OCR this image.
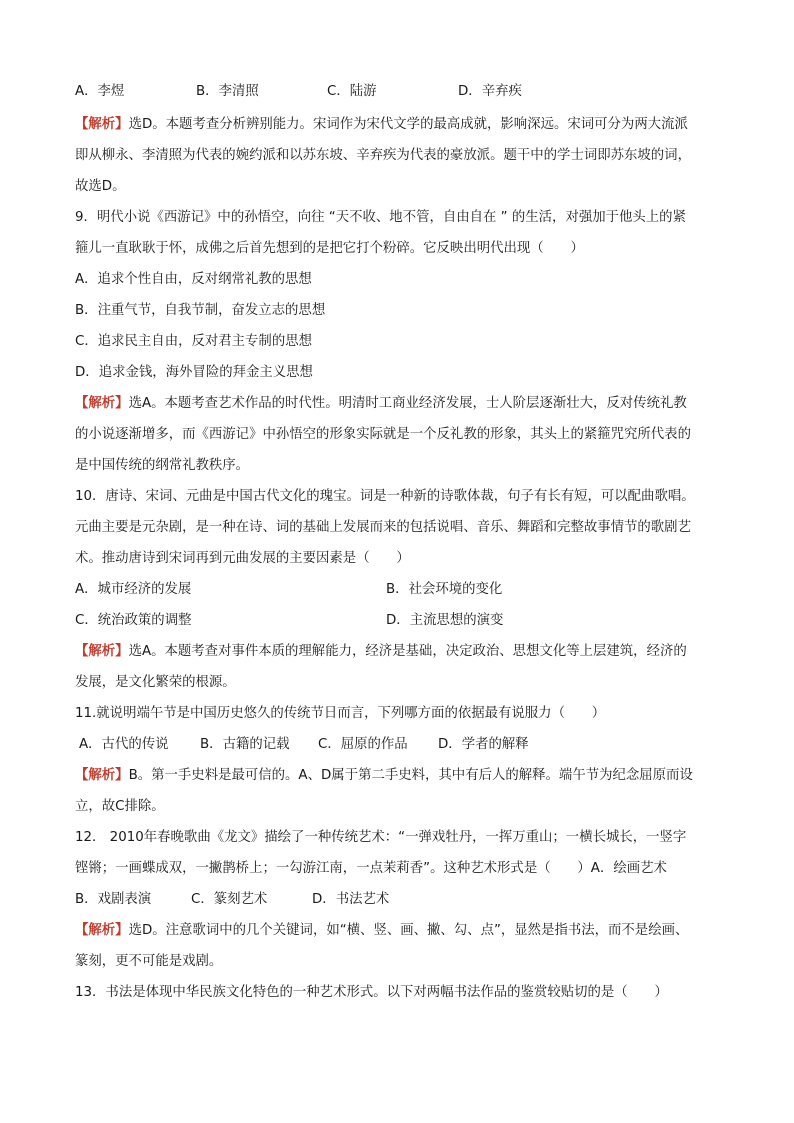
A．李煜	B．李清照	C．陆游	D．辛弃疾
【解析】选D。本题考查分析辨别能力。宋词作为宋代文学的最高成就，影响深远。宋词可分为两大流派
即从柳永、李清照为代表的婉约派和以苏东坡、辛弃疾为代表的豪放派。题干中的学士词即苏东坡的词，
故选D。
9．明代小说《西游记》中的孙悟空，向往 “天不收、地不管，自由自在 ” 的生活，对强加于他头上的紧
箍儿一直耿耿于怀，成佛之后首先想到的是把它打个粉碎。它反映出明代出现（　　）
A．追求个性自由，反对纲常礼教的思想
B．注重气节，自我节制，奋发立志的思想
C．追求民主自由，反对君主专制的思想
D．追求金钱，海外冒险的拜金主义思想
【解析】选A。本题考查艺术作品的时代性。明清时工商业经济发展，士人阶层逐渐壮大，反对传统礼教
的小说逐渐增多，而《西游记》中孙悟空的形象实际就是一个反礼教的形象，其头上的紧箍咒究所代表的
是中国传统的纲常礼教秩序。
10．唐诗、宋词、元曲是中国古代文化的瑰宝。词是一种新的诗歌体裁，句子有长有短，可以配曲歌唱。
元曲主要是元杂剧，是一种在诗、词的基础上发展而来的包括说唱、音乐、舞蹈和完整故事情节的歌剧艺
术。推动唐诗到宋词再到元曲发展的主要因素是（　　）
A．城市经济的发展	B．社会环境的变化
C．统治政策的调整	D．主流思想的演变
【解析】选A。本题考查对事件本质的理解能力，经济是基础，决定政治、思想文化等上层建筑，经济的
发展，是文化繁荣的根源。
11.就说明端午节是中国历史悠久的传统节日而言，下列哪方面的依据最有说服力（　　）
A．古代的传说 B．古籍的记载 C．屈原的作品 D．学者的解释
【解析】B。第一手史料是最可信的。A、D属于第二手史料，其中有后人的解释。端午节为纪念屈原而设
立，故C排除。
12． 2010年春晚歌曲《龙文》描绘了一种传统艺术：“一弹戏牡丹，一挥万重山；一横长城长，一竖字
铿锵；一画蝶成双，一撇鹊桥上；一勾游江南，一点茉莉香”。这种艺术形式是（　　）A．绘画艺术
B．戏剧表演	C．篆刻艺术	D．书法艺术
【解析】选D。注意歌词中的几个关键词，如“横、竖、画、撇、勾、点”，显然是指书法，而不是绘画、
篆刻，更不可能是戏剧。
13．书法是体现中华民族文化特色的一种艺术形式。以下对两幅书法作品的鉴赏较贴切的是（　　）
